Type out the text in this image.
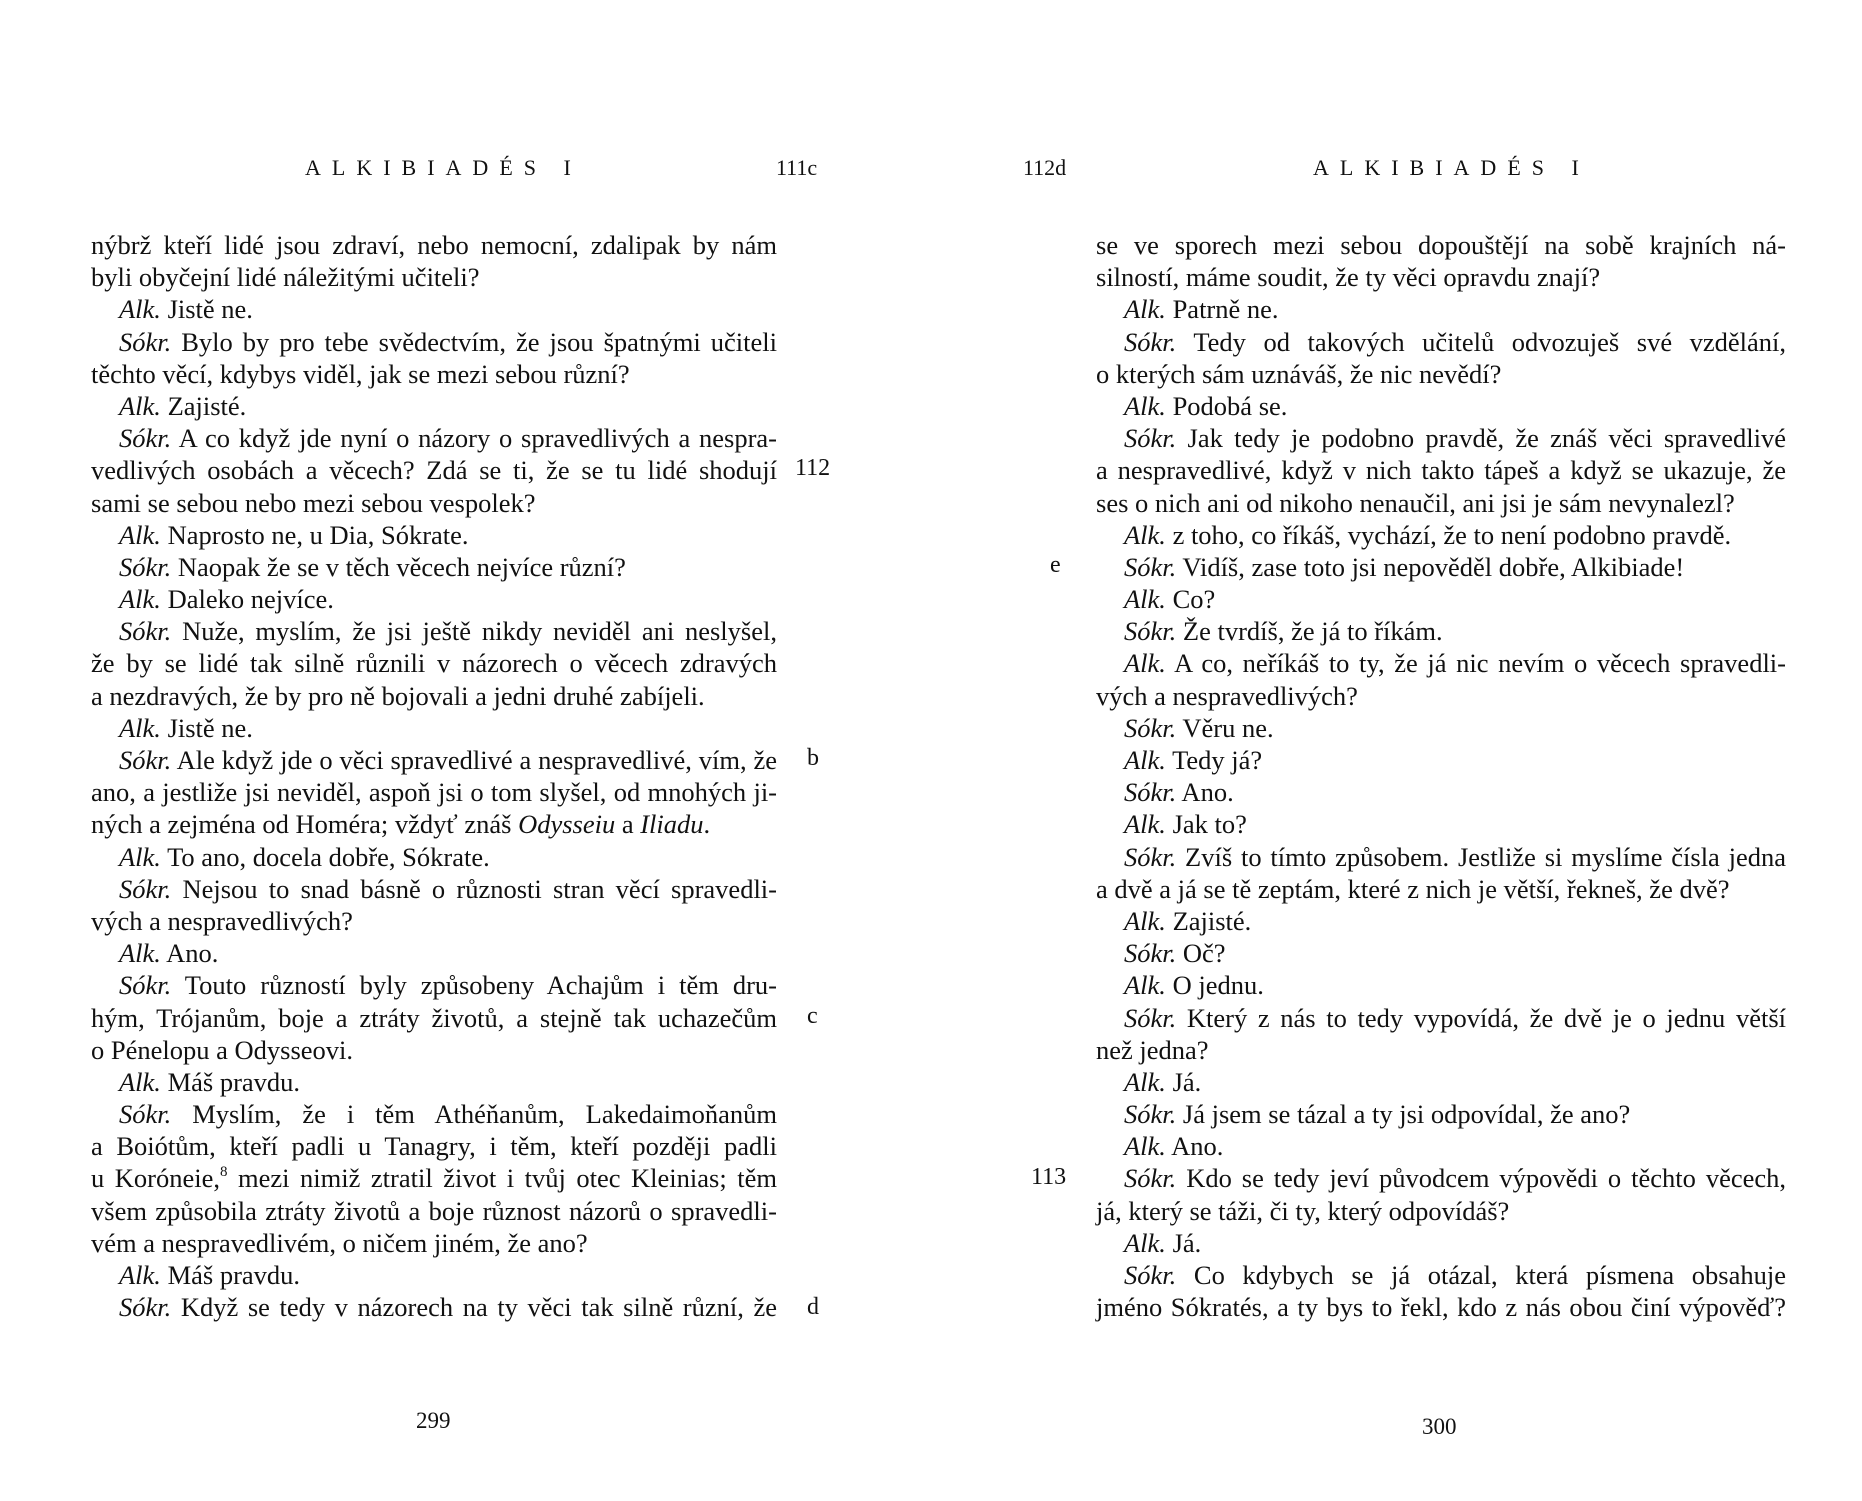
ALKIBIADÉS I	111c
nýbrž kteří lidé jsou zdraví, nebo nemocní, zdalipak by nám
byli obyčejní lidé náležitými učiteli?
Alk. Jistě ne.
Sókr. Bylo by pro tebe svědectvím, že jsou špatnými učiteli
těchto věcí, kdybys viděl, jak se mezi sebou různí?
Alk. Zajisté.
Sókr. A co když jde nyní o názory o spravedlivých a nespra-
vedlivých osobách a věcech? Zdá se ti, že se tu lidé shodují
sami se sebou nebo mezi sebou vespolek?
Alk. Naprosto ne, u Dia, Sókrate.
Sókr. Naopak že se v těch věcech nejvíce různí?
Alk. Daleko nejvíce.
Sókr. Nuže, myslím, že jsi ještě nikdy neviděl ani neslyšel,
že by se lidé tak silně různili v názorech o věcech zdravých
a nezdravých, že by pro ně bojovali a jedni druhé zabíjeli.
Alk. Jistě ne.
Sókr. Ale když jde o věci spravedlivé a nespravedlivé, vím, že
ano, a jestliže jsi neviděl, aspoň jsi o tom slyšel, od mnohých ji-
ných a zejména od Homéra; vždyť znáš Odysseiu a Iliadu.
Alk. To ano, docela dobře, Sókrate.
Sókr. Nejsou to snad básně o různosti stran věcí spravedli-
vých a nespravedlivých?
Alk. Ano.
Sókr. Touto růzností byly způsobeny Achajům i těm dru-
hým, Trójanům, boje a ztráty životů, a stejně tak uchazečům
o Pénelopu a Odysseovi.
Alk. Máš pravdu.
Sókr. Myslím, že i těm Athéňanům, Lakedaimoňanům
a Boiótům, kteří padli u Tanagry, i těm, kteří později padli
u Koróneie,$^8$ mezi nimiž ztratil život i tvůj otec Kleinias; těm
všem způsobila ztráty životů a boje různost názorů o spravedli-
vém a nespravedlivém, o ničem jiném, že ano?
Alk. Máš pravdu.
Sókr. Když se tedy v názorech na ty věci tak silně různí, že
112
b
c
d
299
112d	ALKIBIADÉS I
se ve sporech mezi sebou dopouštějí na sobě krajních ná-
silností, máme soudit, že ty věci opravdu znají?
Alk. Patrně ne.
Sókr. Tedy od takových učitelů odvozuješ své vzdělání,
o kterých sám uznáváš, že nic nevědí?
Alk. Podobá se.
Sókr. Jak tedy je podobno pravdě, že znáš věci spravedlivé
a nespravedlivé, když v nich takto tápeš a když se ukazuje, že
ses o nich ani od nikoho nenaučil, ani jsi je sám nevynalezl?
Alk. z toho, co říkáš, vychází, že to není podobno pravdě.
Sókr. Vidíš, zase toto jsi nepověděl dobře, Alkibiade!
Alk. Co?
Sókr. Že tvrdíš, že já to říkám.
Alk. A co, neříkáš to ty, že já nic nevím o věcech spravedli-
vých a nespravedlivých?
Sókr. Věru ne.
Alk. Tedy já?
Sókr. Ano.
Alk. Jak to?
Sókr. Zvíš to tímto způsobem. Jestliže si myslíme čísla jedna
a dvě a já se tě zeptám, které z nich je větší, řekneš, že dvě?
Alk. Zajisté.
Sókr. Oč?
Alk. O jednu.
Sókr. Který z nás to tedy vypovídá, že dvě je o jednu větší
než jedna?
Alk. Já.
Sókr. Já jsem se tázal a ty jsi odpovídal, že ano?
Alk. Ano.
Sókr. Kdo se tedy jeví původcem výpovědi o těchto věcech,
já, který se táži, či ty, který odpovídáš?
Alk. Já.
Sókr. Co kdybych se já otázal, která písmena obsahuje
jméno Sókratés, a ty bys to řekl, kdo z nás obou činí výpověď?
e
113
300
